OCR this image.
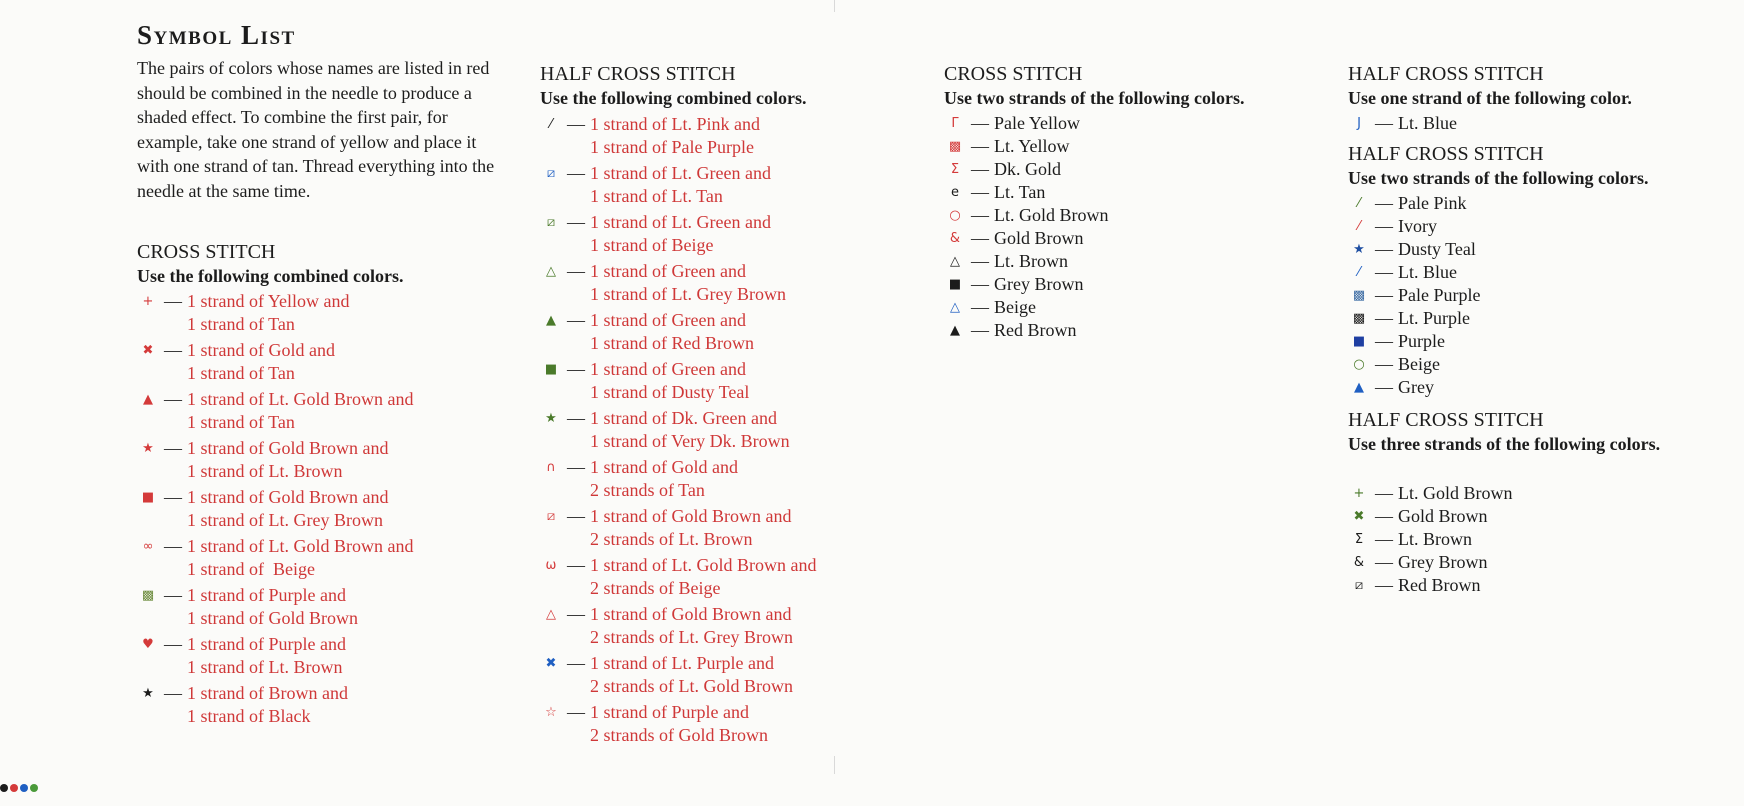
Symbol List
The pairs of colors whose names are listed in red should be combined in the needle to produce a shaded effect. To combine the first pair, for example, take one strand of yellow and place it with one strand of tan. Thread everything into the needle at the same time.
CROSS STITCH
Use the following combined colors.
+ — 1 strand of Yellow and
1 strand of Tan
✖ — 1 strand of Gold and
1 strand of Tan
▲ — 1 strand of Lt. Gold Brown and
1 strand of Tan
★ — 1 strand of Gold Brown and
1 strand of Lt. Brown
■ — 1 strand of Gold Brown and
1 strand of Lt. Grey Brown
∞ — 1 strand of Lt. Gold Brown and
1 strand of  Beige
▩ — 1 strand of Purple and
1 strand of Gold Brown
♥ — 1 strand of Purple and
1 strand of Lt. Brown
★ — 1 strand of Brown and
1 strand of Black
HALF CROSS STITCH
Use the following combined colors.
⁄ — 1 strand of Lt. Pink and
1 strand of Pale Purple
⧄ — 1 strand of Lt. Green and
1 strand of Lt. Tan
⧄ — 1 strand of Lt. Green and
1 strand of Beige
△ — 1 strand of Green and
1 strand of Lt. Grey Brown
▲ — 1 strand of Green and
1 strand of Red Brown
■ — 1 strand of Green and
1 strand of Dusty Teal
★ — 1 strand of Dk. Green and
1 strand of Very Dk. Brown
∩ — 1 strand of Gold and
2 strands of Tan
⧄ — 1 strand of Gold Brown and
2 strands of Lt. Brown
ω — 1 strand of Lt. Gold Brown and
2 strands of Beige
△ — 1 strand of Gold Brown and
2 strands of Lt. Grey Brown
✖ — 1 strand of Lt. Purple and
2 strands of Lt. Gold Brown
☆ — 1 strand of Purple and
2 strands of Gold Brown
CROSS STITCH
Use two strands of the following colors.
Γ — Pale Yellow
▩ — Lt. Yellow
Σ — Dk. Gold
e — Lt. Tan
○ — Lt. Gold Brown
& — Gold Brown
△ — Lt. Brown
■ — Grey Brown
△ — Beige
▲ — Red Brown
HALF CROSS STITCH
Use one strand of the following color.
J — Lt. Blue
HALF CROSS STITCH
Use two strands of the following colors.
⁄ — Pale Pink
⁄ — Ivory
★ — Dusty Teal
⁄ — Lt. Blue
▩ — Pale Purple
▩ — Lt. Purple
■ — Purple
○ — Beige
▲ — Grey
HALF CROSS STITCH
Use three strands of the following colors.
+ — Lt. Gold Brown
✖ — Gold Brown
Σ — Lt. Brown
& — Grey Brown
⧄ — Red Brown
